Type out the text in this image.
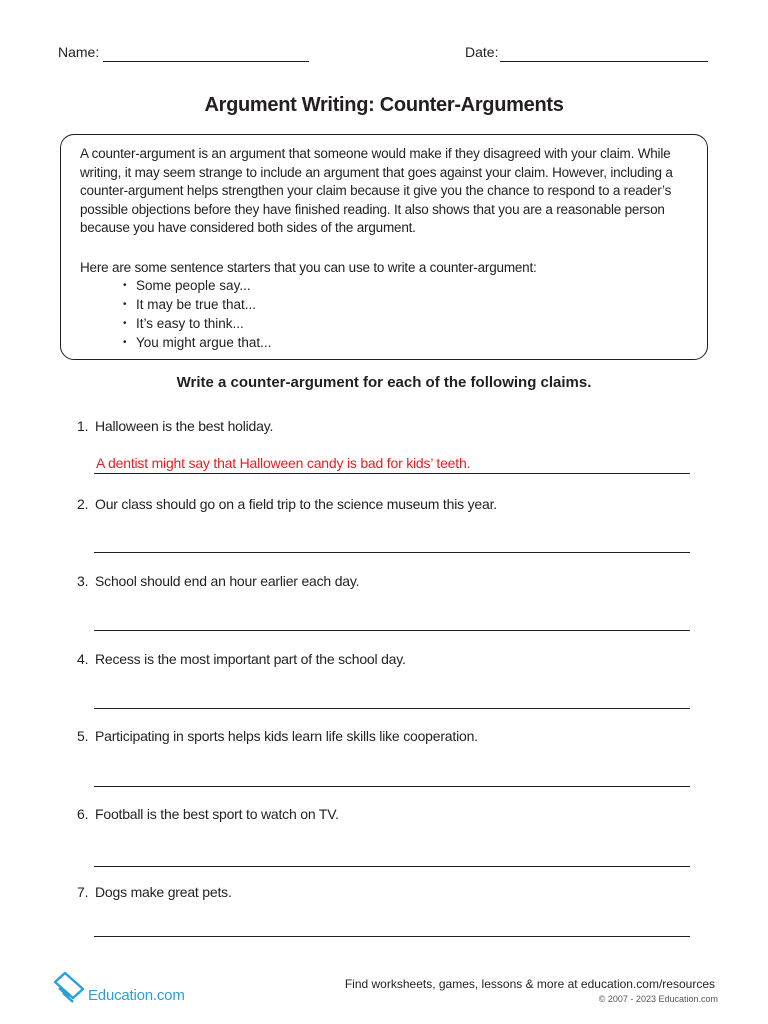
Name:	Date:
Argument Writing: Counter-Arguments
A counter-argument is an argument that someone would make if they disagreed with your claim. While writing, it may seem strange to include an argument that goes against your claim. However, including a counter-argument helps strengthen your claim because it give you the chance to respond to a reader’s possible objections before they have finished reading. It also shows that you are a reasonable person because you have considered both sides of the argument.
Here are some sentence starters that you can use to write a counter-argument:
• Some people say...
• It may be true that...
• It’s easy to think...
• You might argue that...
Write a counter-argument for each of the following claims.
1. Halloween is the best holiday.
A dentist might say that Halloween candy is bad for kids’ teeth.
2. Our class should go on a field trip to the science museum this year.
3. School should end an hour earlier each day.
4. Recess is the most important part of the school day.
5. Participating in sports helps kids learn life skills like cooperation.
6. Football is the best sport to watch on TV.
7. Dogs make great pets.
Education.com
Find worksheets, games, lessons & more at education.com/resources
© 2007 - 2023 Education.com
